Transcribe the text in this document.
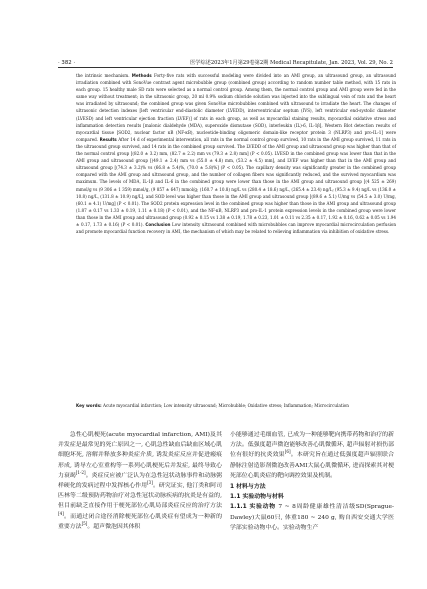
· 382 ·	医学综述2023年1月第29卷第2期 Medical Recapitulate, Jan. 2023, Vol. 29, No. 2

the intrinsic mechanism. Methods Forty-five rats with successful modeling were divided into an AMI group, an ultrasound group, an ultrasound irradiation combined with SonoVue contrast agent microbubble group (combined group) according to random number table method, with 15 rats in each group. 15 healthy male SD rats were selected as a normal control group. Among them, the normal control group and AMI group were fed in the same way without treatment; in the ultrasonic group, 20 ml 0.9% sodium chloride solution was injected into the sublingual vein of rats and the heart was irradiated by ultrasound; the combined group was given SonoVue microbubbles combined with ultrasound to irradiate the heart. The changes of ultrasonic detection indexes [left ventricular end-diastolic diameter (LVEDD), interventricular septum (IVS), left ventricular end-systolic diameter (LVESD) and left ventricular ejection fraction (LVEF)] of rats in each group, as well as myocardial staining results, myocardial oxidative stress and inflammation detection results [malonic dialdehyde (MDA), superoxide dismutase (SOD), interleukin (IL)-6, IL-1β], Western Blot detection results of myocardial tissue [SOD2, nuclear factor κB (NF-κB), nucleotide-binding oligomeric domain-like receptor protein 3 (NLRP3) and pro-IL-1] were compared. Results After 14 d of experimental intervention, all rats in the normal control group survived, 10 rats in the AMI group survived, 11 rats in the ultrasound group survived, and 14 rats in the combined group survived. The LVEDD of the AMI group and ultrasound group was higher than that of the normal control group [(82.0 ± 3.2) mm, (82.7 ± 2.2) mm vs (79.3 ± 2.8) mm] (P < 0.05). LVESD in the combined group was lower than that in the AMI group and ultrasound group [(49.1 ± 2.4) mm vs (55.0 ± 4.8) mm, (53.2 ± 4.5) mm], and LVEF was higher than that in the AMI group and ultrasound group [(74.3 ± 3.2)% vs (66.8 ± 5.4)%, (70.0 ± 5.8)%] (P < 0.05). The capillary density was significantly greater in the combined group compared with the AMI group and ultrasound group, and the number of collagen fibers was significantly reduced, and the survived myocardium was maximum. The levels of MDA, IL-1β and IL-6 in the combined group were lower than those in the AMI group and ultrasound group [(4 525 ± 269) mmol/g vs (9 306 ± 1 359) mmol/g, (9 857 ± 647) mmol/g; (160.7 ± 10.8) ng/L vs (280.4 ± 18.6) ng/L, (265.4 ± 23.4) ng/L; (95.3 ± 9.4) ng/L vs (136.0 ± 10.8) ng/L, (131.8 ± 10.9) ng/L], and SOD level was higher than those in the AMI group and ultrasound group [(89.6 ± 5.1) U/mg vs (54.5 ± 3.0) U/mg, (60.1 ± 4.1) U/mg] (P < 0.01). The SOD2 protein expression level in the combined group was higher than those in the AMI group and ultrasound group (1.87 ± 0.17 vs 1.33 ± 0.19, 1.11 ± 0.18) (P < 0.01), and the NF-κB, NLRP3 and pro-IL-1 protein expression levels in the combined group were lower than those in the AMI group and ultrasound group (0.92 ± 0.15 vs 1.38 ± 0.19, 1.78 ± 0.23, 1.01 ± 0.11 vs 2.35 ± 0.17, 1.92 ± 0.16, 0.62 ± 0.05 vs 1.94 ± 0.17, 1.73 ± 0.16) (P < 0.01). Conclusion Low intensity ultrasound combined with microbubbles can improve myocardial microcirculation perfusion and promote myocardial function recovery in AMI, the mechanism of which may be related to relieving inflammation via inhibition of oxidative stress.

Key words: Acute myocardial infarction; Low intensity ultrasound; Microbubble; Oxidative stress; Inflammation; Microcirculation

急性心肌梗死(acute myocardial infarction, AMI)及其并发症是最常见的死亡原因之一, 心肌急性缺血后缺血区域心肌细胞坏死, 溶解并释放多种炎症介质, 诱发炎症反应并促进瘢痕形成, 诱导左心室重构等一系列心肌梗死后并发症, 最终导致心力衰竭[1-2]。炎症反应被广泛认为在急性冠状动脉事件和动脉粥样硬化的发病过程中发挥核心作用[3]。研究证实, 他汀类和阿司匹林等二级预防药物治疗对急性冠状动脉疾病的抗炎是有益的, 但目前缺乏直接作用于梗死部位心肌局部炎症反应的治疗方法[4]。而通过闭合途径消除梗死部位心肌炎症有望成为一种新的重要方法[5]。超声微泡因其体积

小能够通过毛细血管, 已成为一种能够靶向携带药物和治疗的新方法。低强度超声微泡能够改善心肌微循环, 超声辐射对损伤部位有很好的抗炎效果[6]。本研究旨在通过低强度超声辐照联合静脉注射造影剂微泡改善AMI大鼠心肌微循环, 进而探索其对梗死部位心肌炎症的靶向调控效果及机制。

1 材料与方法

1.1 实验动物与材料

1.1.1 实验动物 7 ~ 8周龄健康雄性清洁级SD(Sprague-Dawley)大鼠60只, 体重180 ~ 240 g, 购自西安交通大学医学部实验动物中心。实验动物生产
